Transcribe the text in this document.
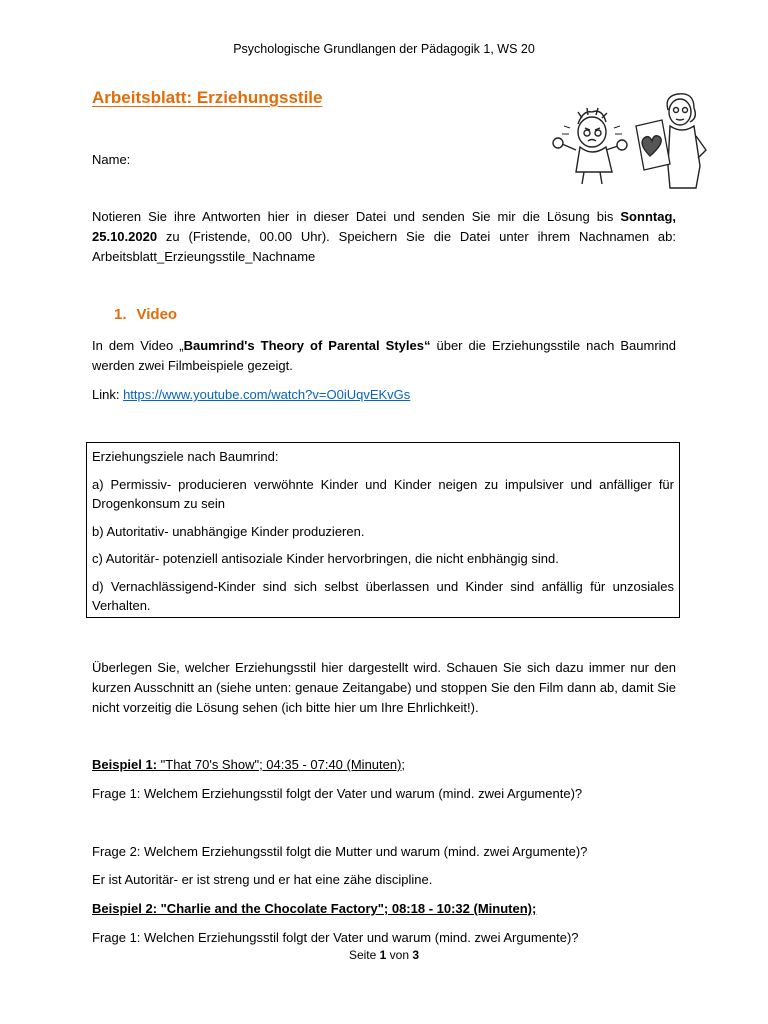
Psychologische Grundlangen der Pädagogik 1, WS 20
Arbeitsblatt: Erziehungsstile
Name:
Notieren Sie ihre Antworten hier in dieser Datei und senden Sie mir die Lösung bis Sonntag, 25.10.2020 zu (Fristende, 00.00 Uhr). Speichern Sie die Datei unter ihrem Nachnamen ab: Arbeitsblatt_Erzieungsstile_Nachname
1. Video
In dem Video „Baumrind's Theory of Parental Styles“ über die Erziehungsstile nach Baumrind werden zwei Filmbeispiele gezeigt.
Link: https://www.youtube.com/watch?v=O0iUqvEKvGs

Erziehungsziele nach Baumrind:

a) Permissiv- producieren verwöhnte Kinder und Kinder neigen zu impulsiver und anfälliger für Drogenkonsum zu sein

b) Autoritativ- unabhängige Kinder produzieren.

c) Autoritär- potenziell antisoziale Kinder hervorbringen, die nicht enbhängig sind.

d) Vernachlässigend-Kinder sind sich selbst überlassen und Kinder sind anfällig für unzosiales Verhalten.

Überlegen Sie, welcher Erziehungsstil hier dargestellt wird. Schauen Sie sich dazu immer nur den kurzen Ausschnitt an (siehe unten: genaue Zeitangabe) und stoppen Sie den Film dann ab, damit Sie nicht vorzeitig die Lösung sehen (ich bitte hier um Ihre Ehrlichkeit!).
Beispiel 1: "That 70's Show"; 04:35 - 07:40 (Minuten);
Frage 1: Welchem Erziehungsstil folgt der Vater und warum (mind. zwei Argumente)?
Frage 2: Welchem Erziehungsstil folgt die Mutter und warum (mind. zwei Argumente)?
Er ist Autoritär- er ist streng und er hat eine zähe discipline.
Beispiel 2: "Charlie and the Chocolate Factory"; 08:18 - 10:32 (Minuten);
Frage 1: Welchen Erziehungsstil folgt der Vater und warum (mind. zwei Argumente)?
Seite 1 von 3
